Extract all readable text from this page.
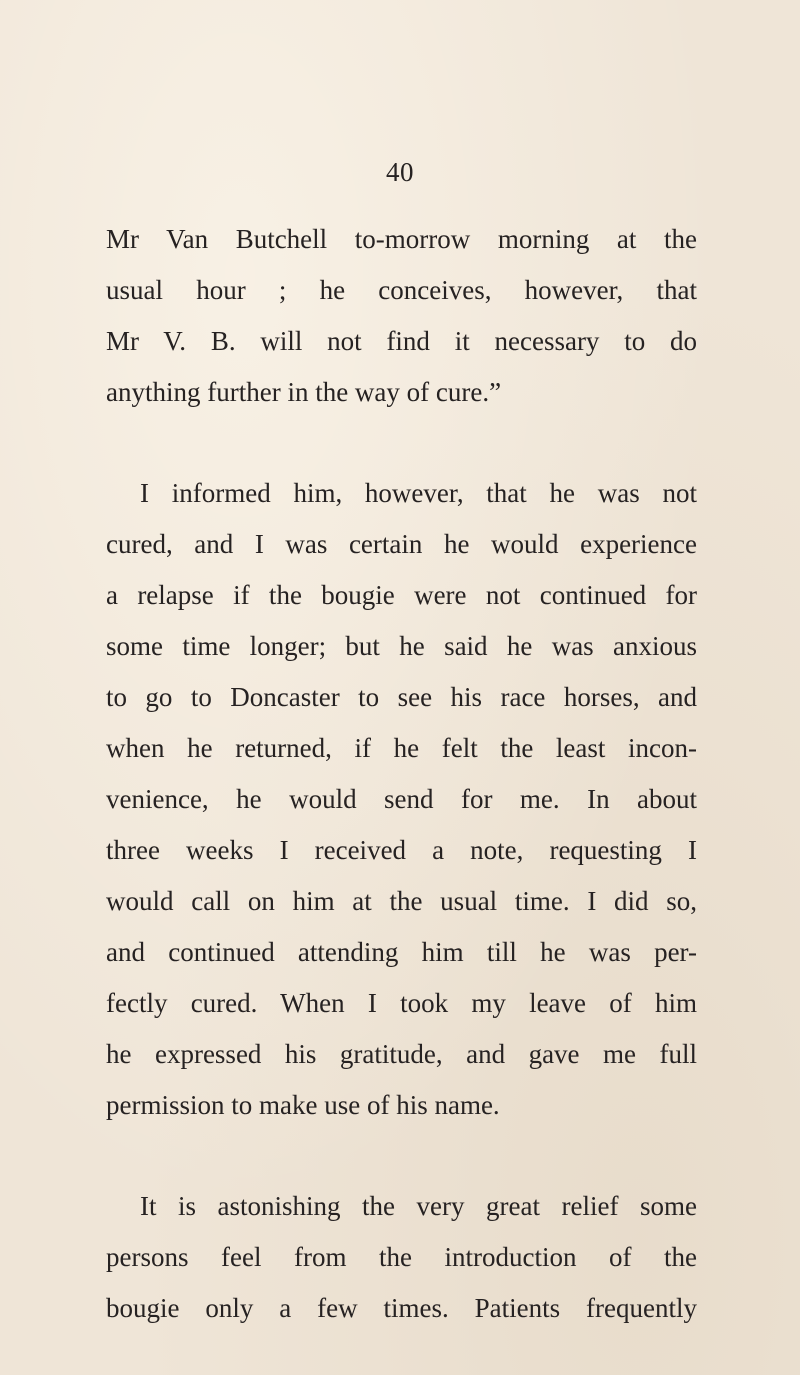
40
Mr Van Butchell to-morrow morning at the
usual hour ; he conceives, however, that
Mr V. B. will not find it necessary to do
anything further in the way of cure.”
I informed him, however, that he was not
cured, and I was certain he would experience
a relapse if the bougie were not continued for
some time longer; but he said he was anxious
to go to Doncaster to see his race horses, and
when he returned, if he felt the least incon-
venience, he would send for me. In about
three weeks I received a note, requesting I
would call on him at the usual time. I did so,
and continued attending him till he was per-
fectly cured. When I took my leave of him
he expressed his gratitude, and gave me full
permission to make use of his name.
It is astonishing the very great relief some
persons feel from the introduction of the
bougie only a few times. Patients frequently
